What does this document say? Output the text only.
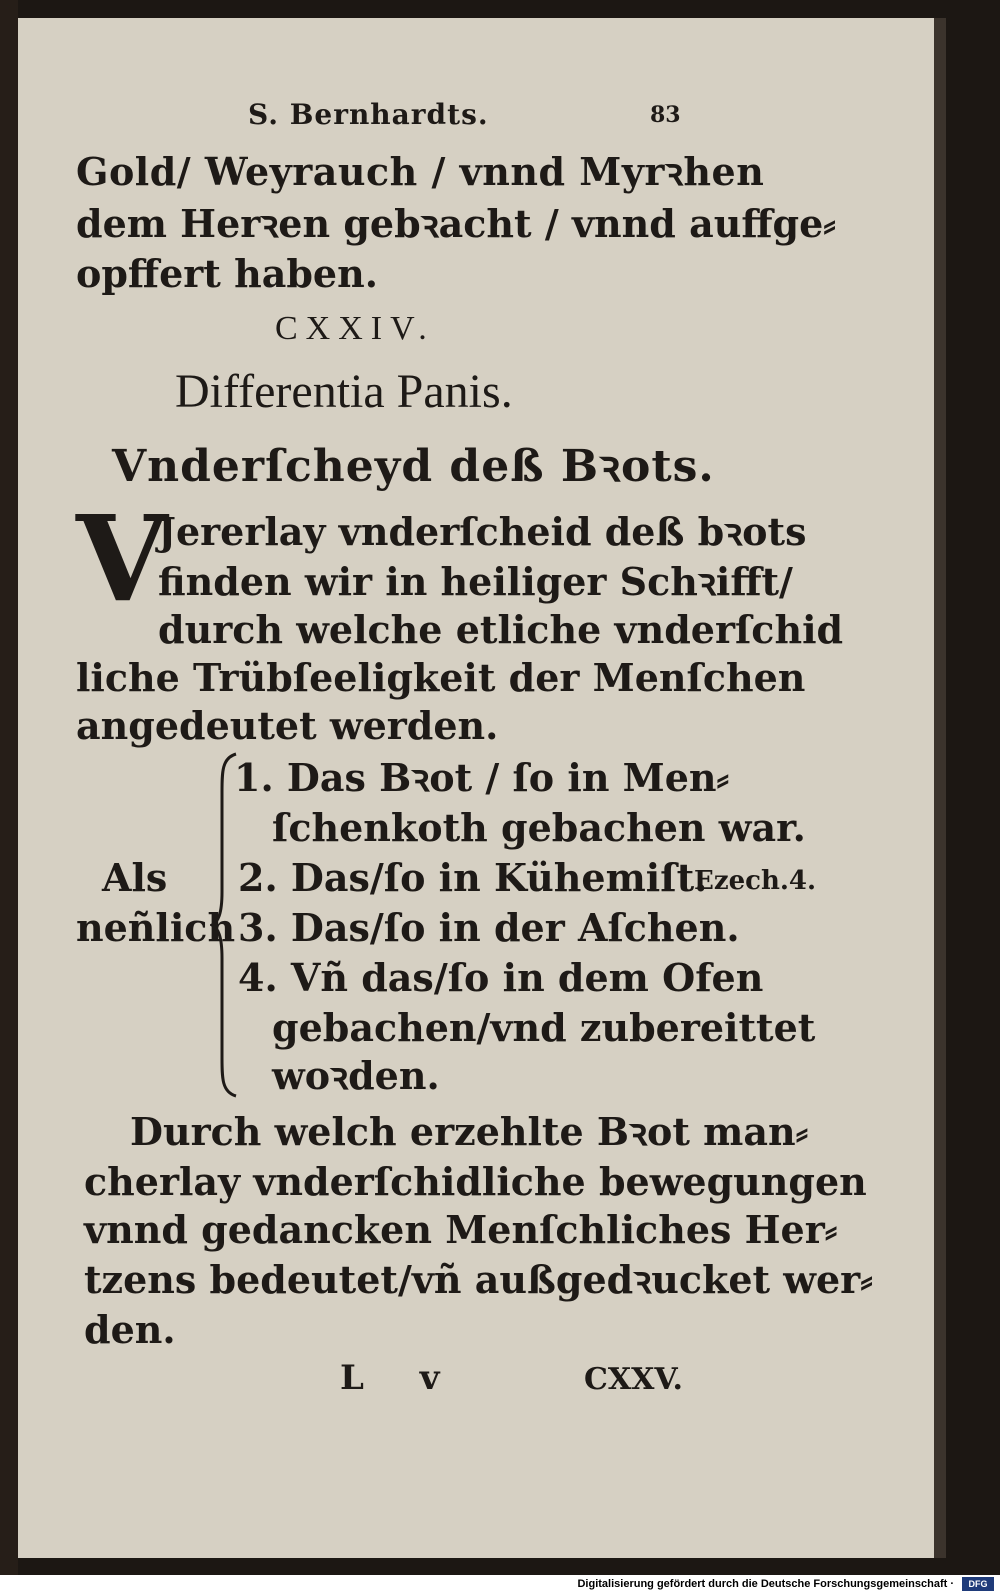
S. Bernhardts.	83

Gold/ Weyrauch / vnnd Myrꝛhen

dem Herꝛen gebꝛacht / vnnd auffge⸗

opffert haben.

CXXIV.

Differentia Panis.

Vnderſcheyd deß Bꝛots.

V

Jererlay vnderſcheid deß bꝛots

finden wir in heiliger Schꝛifft/

durch welche etliche vnderſchid

liche Trübſeeligkeit der Menſchen

angedeutet werden.

Als

neñlich

1. Das Bꝛot / ſo in Men⸗

ſchenkoth gebachen war.

2. Das/ſo in Kühemiſt.

3. Das/ſo in der Aſchen.

4. Vñ das/ſo in dem Ofen

gebachen/vnd zubereittet

woꝛden.

Ezech.4.

Durch welch erzehlte Bꝛot man⸗

cherlay vnderſchidliche bewegungen

vnnd gedancken Menſchliches Her⸗

tzens bedeutet/vñ außgedꝛucket wer⸗

den.

L v	CXXV.

Digitalisierung gefördert durch die Deutsche Forschungsgemeinschaft ·	DFG
